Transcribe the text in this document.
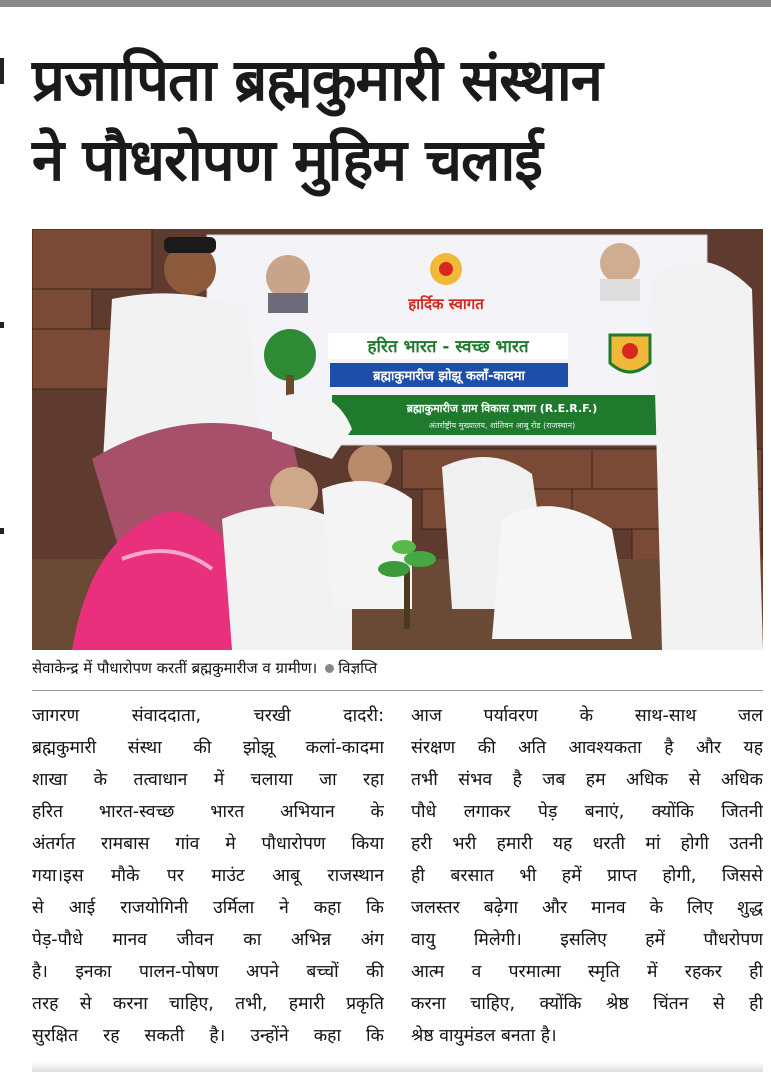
प्रजापिता ब्रह्मकुमारी संस्थान
ने पौधरोपण मुहिम चलाई
हार्दिक स्वागत
हरित भारत - स्वच्छ भारत
ब्रह्माकुमारीज झोझू कलाँ-कादमा
ब्रह्माकुमारीज ग्राम विकास प्रभाग (R.E.R.F.)
अंतर्राष्ट्रीय मुख्यालय, शांतिवन आबू रोड (राजस्थान)
सेवाकेन्द्र में पौधारोपण करतीं ब्रह्मकुमारीज व ग्रामीण। विज्ञप्ति
जागरण संवाददाता, चरखी दादरी:
ब्रह्मकुमारी संस्था की झोझू कलां-कादमा
शाखा के तत्वाधान में चलाया जा रहा
हरित भारत-स्वच्छ भारत अभियान के
अंतर्गत रामबास गांव मे पौधारोपण किया
गया।इस मौके पर माउंट आबू राजस्थान
से आई राजयोगिनी उर्मिला ने कहा कि
पेड़-पौधे मानव जीवन का अभिन्न अंग
है। इनका पालन-पोषण अपने बच्चों की
तरह से करना चाहिए, तभी, हमारी प्रकृति
सुरक्षित रह सकती है। उन्होंने कहा कि
आज पर्यावरण के साथ-साथ जल
संरक्षण की अति आवश्यकता है और यह
तभी संभव है जब हम अधिक से अधिक
पौधे लगाकर पेड़ बनाएं, क्योंकि जितनी
हरी भरी हमारी यह धरती मां होगी उतनी
ही बरसात भी हमें प्राप्त होगी, जिससे
जलस्तर बढ़ेगा और मानव के लिए शुद्ध
वायु मिलेगी। इसलिए हमें पौधरोपण
आत्म व परमात्मा स्मृति में रहकर ही
करना चाहिए, क्योंकि श्रेष्ठ चिंतन से ही
श्रेष्ठ वायुमंडल बनता है।
